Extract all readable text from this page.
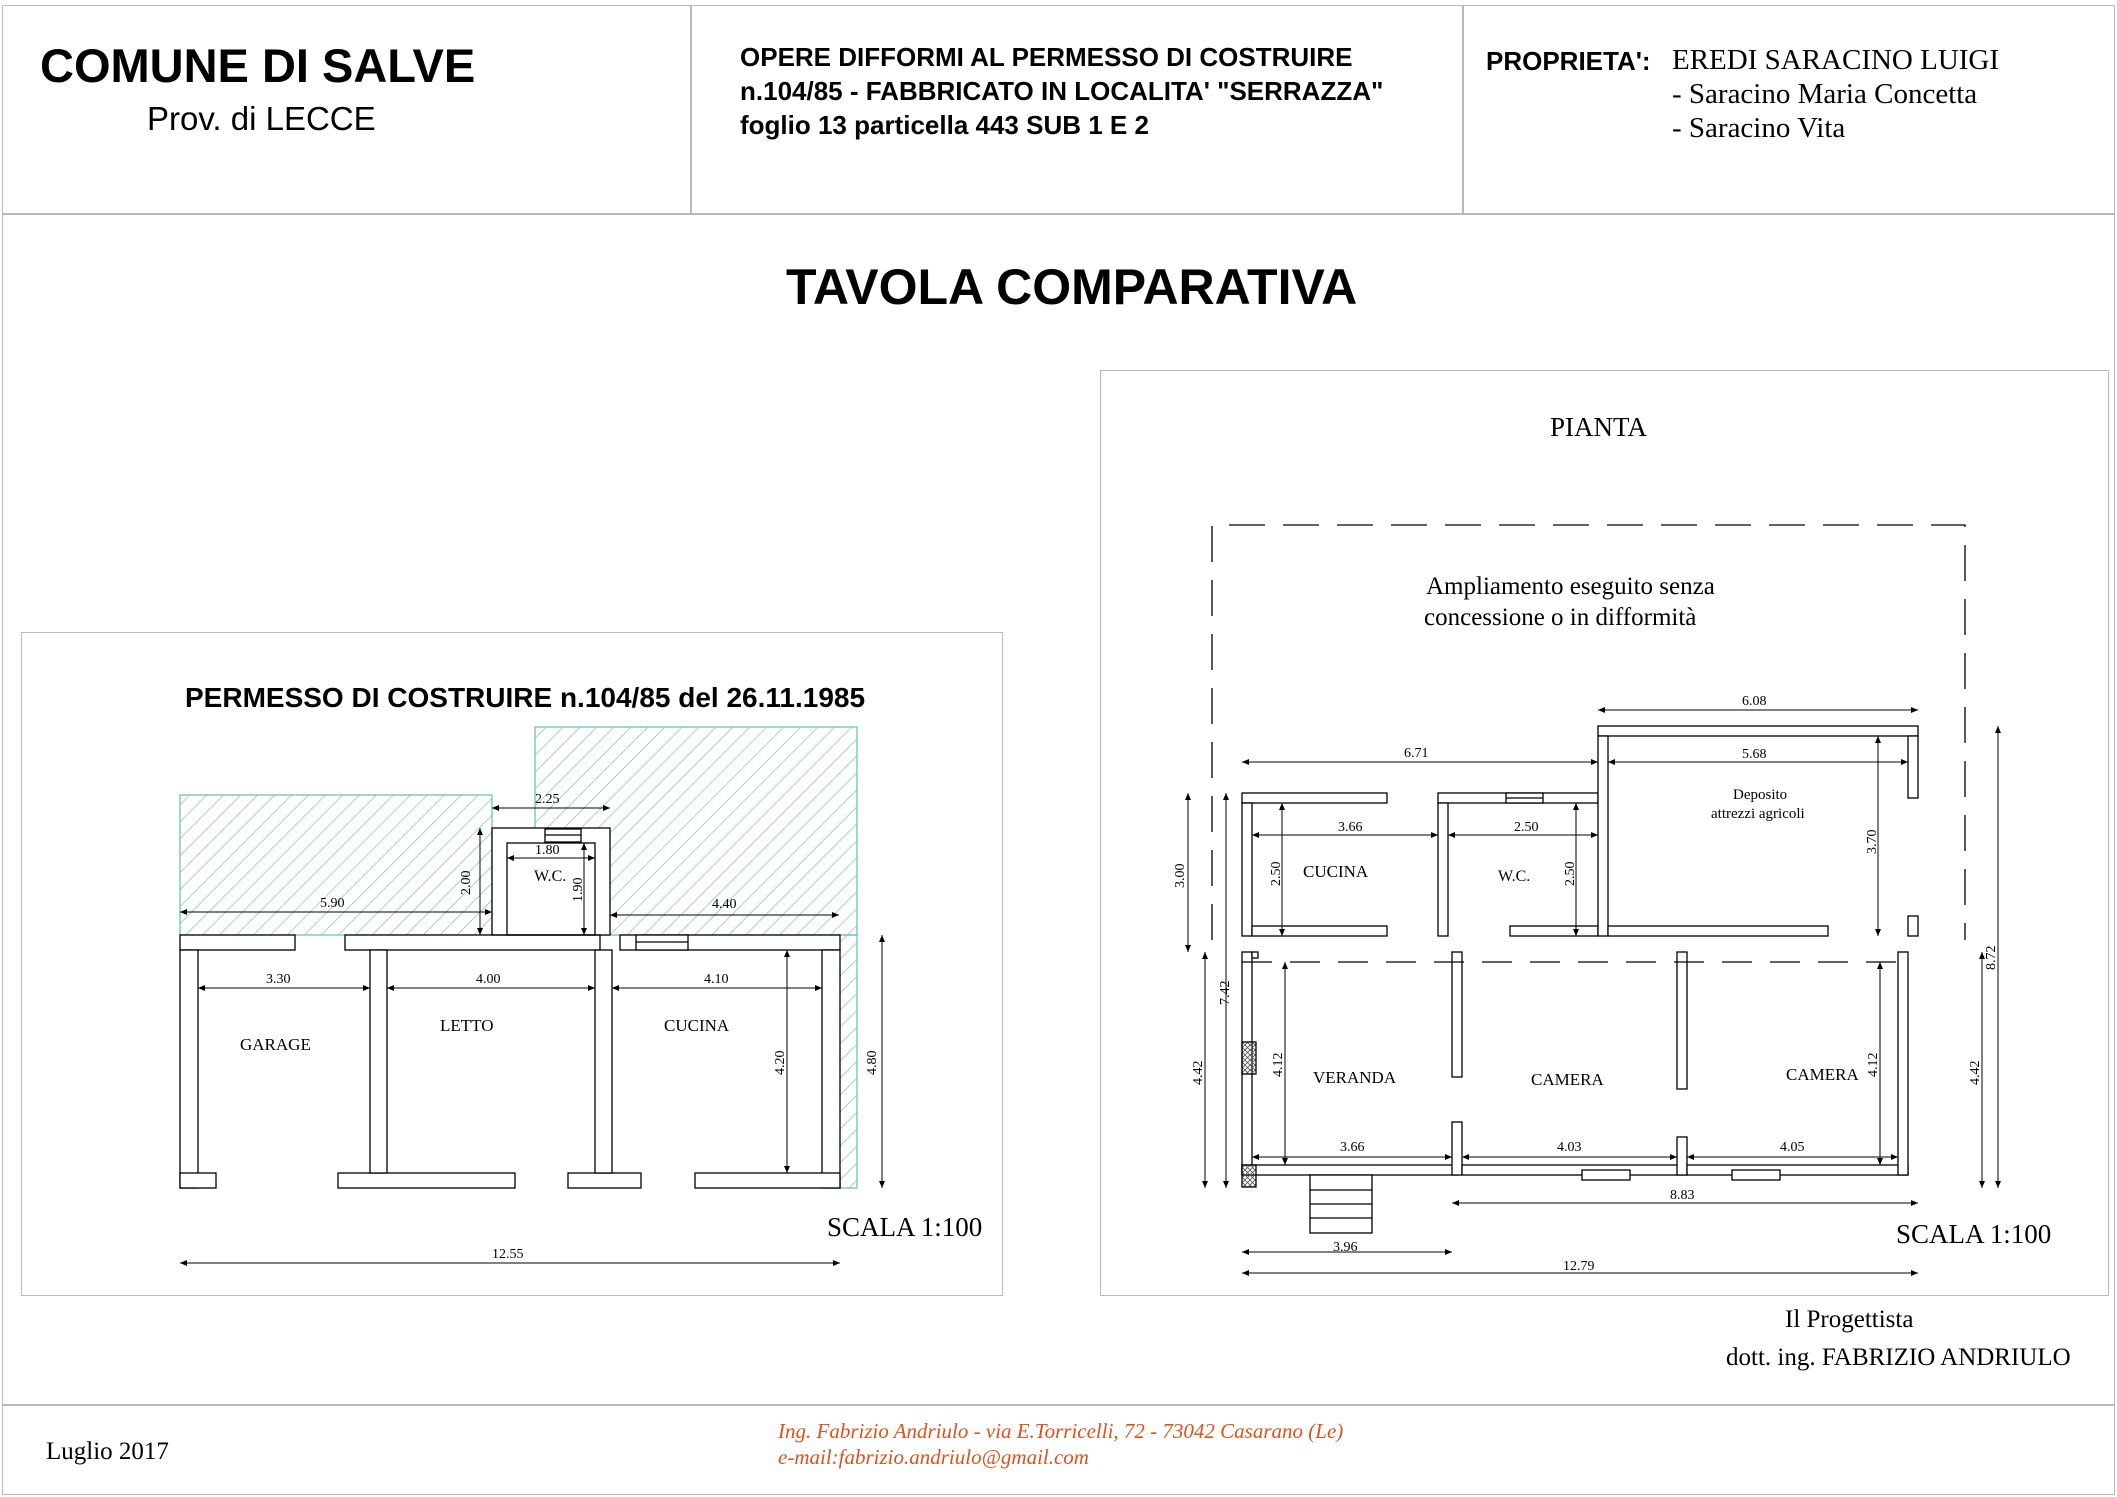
COMUNE DI SALVE
Prov. di LECCE
OPERE DIFFORMI AL PERMESSO DI COSTRUIRE
n.104/85 - FABBRICATO IN LOCALITA' "SERRAZZA"
foglio 13 particella 443 SUB 1 E 2
PROPRIETA': EREDI SARACINO LUIGI
- Saracino Maria Concetta
- Saracino Vita
TAVOLA COMPARATIVA
PERMESSO DI COSTRUIRE n.104/85 del 26.11.1985
SCALA 1:100
PIANTA
Ampliamento eseguito senza
concessione o in difformità
SCALA 1:100
2.25
1.80
5.90	4.40
2.00	1.90
3.30	4.00	4.10
4.20	4.80
12.55
W.C.
GARAGE
LETTO	CUCINA
6.08
6.71	5.68
3.66	2.50
3.00	2.50	2.50
3.70
8.72
7.42
4.42	4.12	4.12	4.42
3.66	4.03	4.05
8.83
3.96
12.79
CUCINA	W.C.
Deposito
attrezzi agricoli
VERANDA	CAMERA	CAMERA
Il Progettista
dott. ing. FABRIZIO ANDRIULO
Luglio 2017
Ing. Fabrizio Andriulo - via E.Torricelli, 72 - 73042 Casarano (Le)
e-mail:fabrizio.andriulo@gmail.com
